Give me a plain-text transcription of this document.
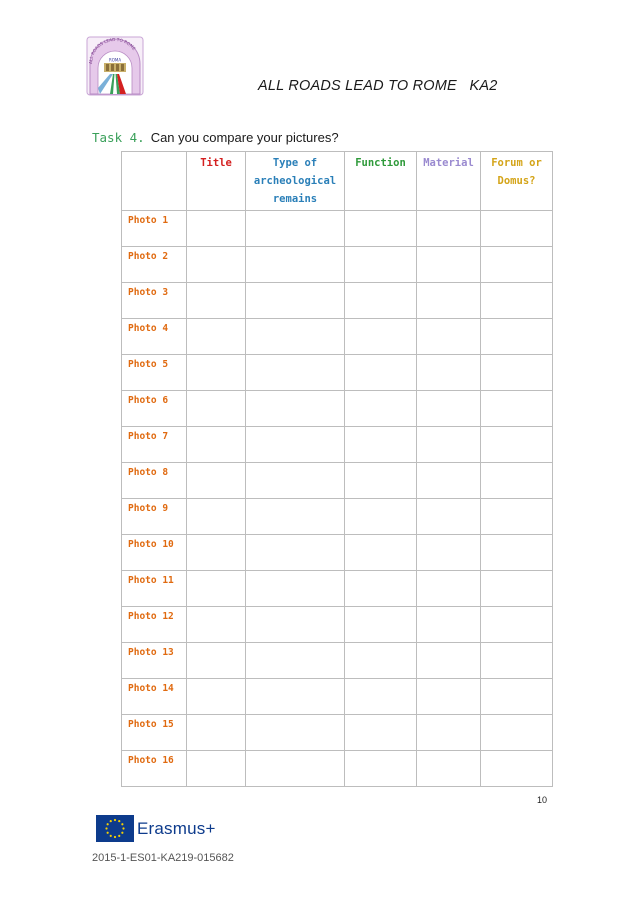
ALL ROADS LEAD TO ROME
ROMA
ALL ROADS LEAD TO ROME   KA2
Task 4. Can you compare your pictures?
	Title	Type of archeological remains	Function	Material	Forum or Domus?

Photo 1					

Photo 2					

Photo 3					

Photo 4					

Photo 5					

Photo 6					

Photo 7					

Photo 8					

Photo 9					

Photo 10					

Photo 11					

Photo 12					

Photo 13					

Photo 14					

Photo 15					

Photo 16					

10
Erasmus+
2015-1-ES01-KA219-015682
